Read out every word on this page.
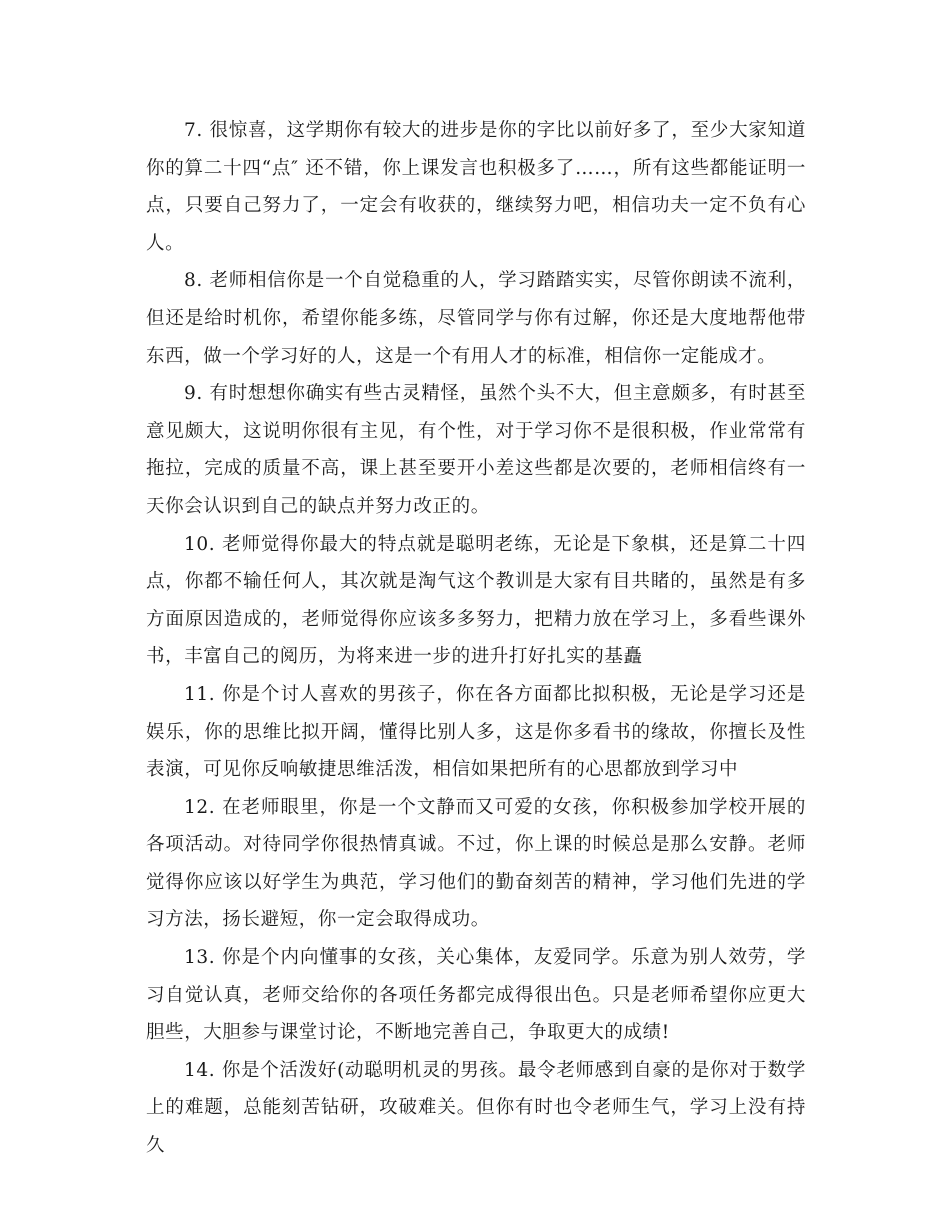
7. 很惊喜，这学期你有较大的进步是你的字比以前好多了，至少大家知道你的算二十四“点″ 还不错，你上课发言也积极多了……，所有这些都能证明一点，只要自己努力了，一定会有收获的，继续努力吧，相信功夫一定不负有心人。

8. 老师相信你是一个自觉稳重的人，学习踏踏实实，尽管你朗读不流利，但还是给时机你，希望你能多练，尽管同学与你有过解，你还是大度地帮他带东西，做一个学习好的人，这是一个有用人才的标准，相信你一定能成才。

9. 有时想想你确实有些古灵精怪，虽然个头不大，但主意颇多，有时甚至意见颇大，这说明你很有主见，有个性，对于学习你不是很积极，作业常常有拖拉，完成的质量不高，课上甚至要开小差这些都是次要的，老师相信终有一天你会认识到自己的缺点并努力改正的。

10. 老师觉得你最大的特点就是聪明老练，无论是下象棋，还是算二十四点，你都不输任何人，其次就是淘气这个教训是大家有目共睹的，虽然是有多方面原因造成的，老师觉得你应该多多努力，把精力放在学习上，多看些课外书，丰富自己的阅历，为将来进一步的进升打好扎实的基矗

11. 你是个讨人喜欢的男孩子，你在各方面都比拟积极，无论是学习还是娱乐，你的思维比拟开阔，懂得比别人多，这是你多看书的缘故，你擅长及性表演，可见你反响敏捷思维活泼，相信如果把所有的心思都放到学习中

12. 在老师眼里，你是一个文静而又可爱的女孩，你积极参加学校开展的各项活动。对待同学你很热情真诚。不过，你上课的时候总是那么安静。老师觉得你应该以好学生为典范，学习他们的勤奋刻苦的精神，学习他们先进的学习方法，扬长避短，你一定会取得成功。

13. 你是个内向懂事的女孩，关心集体，友爱同学。乐意为别人效劳，学习自觉认真，老师交给你的各项任务都完成得很出色。只是老师希望你应更大胆些，大胆参与课堂讨论，不断地完善自己，争取更大的成绩!

14. 你是个活泼好(动聪明机灵的男孩。最令老师感到自豪的是你对于数学上的难题，总能刻苦钻研，攻破难关。但你有时也令老师生气，学习上没有持久
